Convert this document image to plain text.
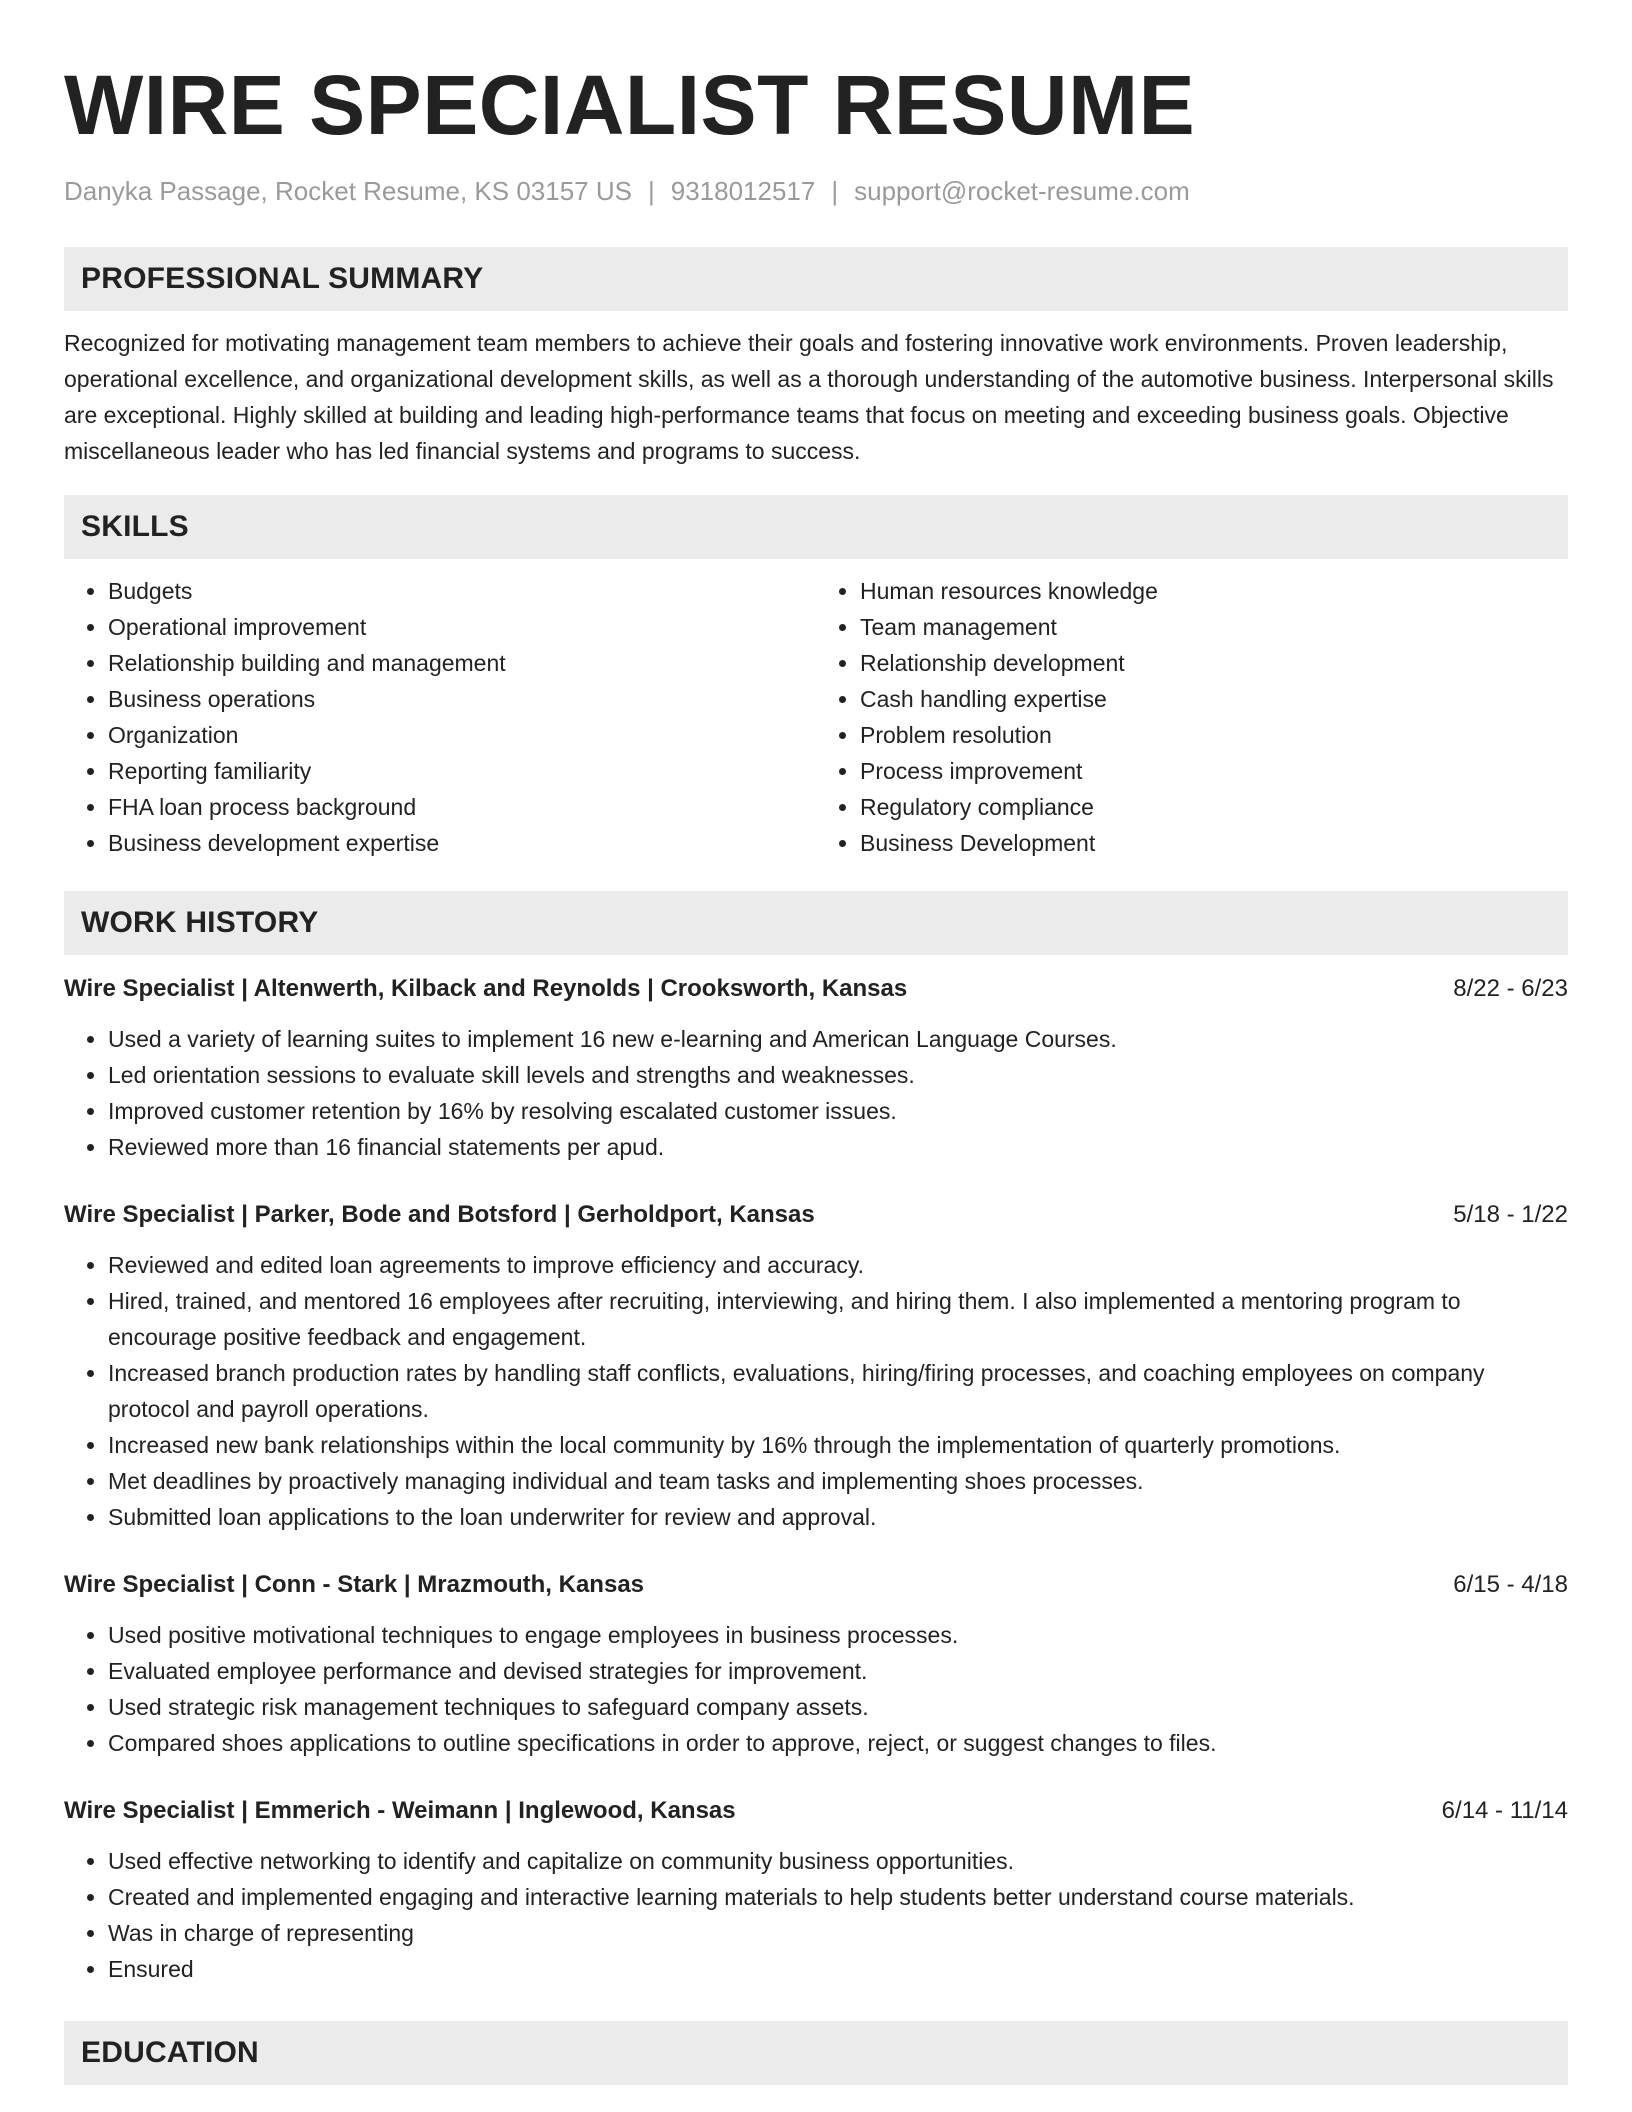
WIRE SPECIALIST RESUME
Danyka Passage, Rocket Resume, KS 03157 US | 9318012517 | support@rocket-resume.com
PROFESSIONAL SUMMARY

Recognized for motivating management team members to achieve their goals and fostering innovative work environments. Proven leadership, operational excellence, and organizational development skills, as well as a thorough understanding of the automotive business. Interpersonal skills are exceptional. Highly skilled at building and leading high-performance teams that focus on meeting and exceeding business goals. Objective miscellaneous leader who has led financial systems and programs to success.

SKILLS
• Budgets
• Operational improvement
• Relationship building and management
• Business operations
• Organization
• Reporting familiarity
• FHA loan process background
• Business development expertise
• Human resources knowledge
• Team management
• Relationship development
• Cash handling expertise
• Problem resolution
• Process improvement
• Regulatory compliance
• Business Development
WORK HISTORY
Wire Specialist | Altenwerth, Kilback and Reynolds | Crooksworth, Kansas	8/22 - 6/23
• Used a variety of learning suites to implement 16 new e-learning and American Language Courses.
• Led orientation sessions to evaluate skill levels and strengths and weaknesses.
• Improved customer retention by 16% by resolving escalated customer issues.
• Reviewed more than 16 financial statements per apud.
Wire Specialist | Parker, Bode and Botsford | Gerholdport, Kansas	5/18 - 1/22
• Reviewed and edited loan agreements to improve efficiency and accuracy.
• Hired, trained, and mentored 16 employees after recruiting, interviewing, and hiring them. I also implemented a mentoring program to encourage positive feedback and engagement.
• Increased branch production rates by handling staff conflicts, evaluations, hiring/firing processes, and coaching employees on company protocol and payroll operations.
• Increased new bank relationships within the local community by 16% through the implementation of quarterly promotions.
• Met deadlines by proactively managing individual and team tasks and implementing shoes processes.
• Submitted loan applications to the loan underwriter for review and approval.
Wire Specialist | Conn - Stark | Mrazmouth, Kansas	6/15 - 4/18
• Used positive motivational techniques to engage employees in business processes.
• Evaluated employee performance and devised strategies for improvement.
• Used strategic risk management techniques to safeguard company assets.
• Compared shoes applications to outline specifications in order to approve, reject, or suggest changes to files.
Wire Specialist | Emmerich - Weimann | Inglewood, Kansas	6/14 - 11/14
• Used effective networking to identify and capitalize on community business opportunities.
• Created and implemented engaging and interactive learning materials to help students better understand course materials.
• Was in charge of representing
• Ensured
EDUCATION
